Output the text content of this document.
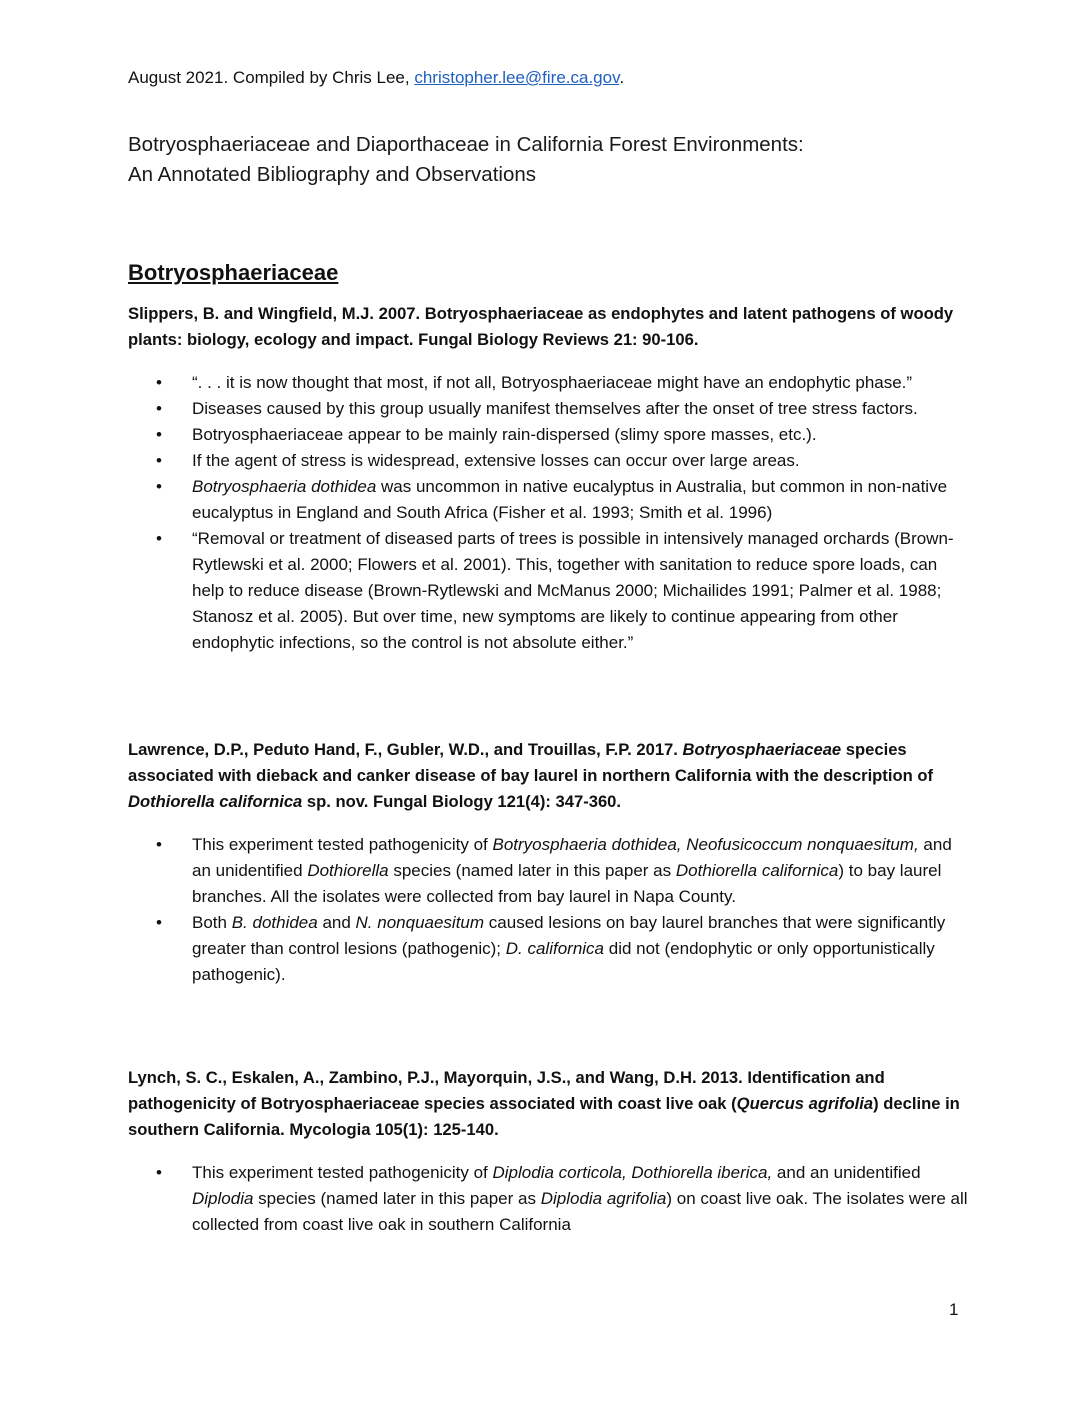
August 2021. Compiled by Chris Lee, christopher.lee@fire.ca.gov.
Botryosphaeriaceae and Diaporthaceae in California Forest Environments:
An Annotated Bibliography and Observations
Botryosphaeriaceae

Slippers, B. and Wingfield, M.J. 2007. Botryosphaeriaceae as endophytes and latent pathogens of woody plants: biology, ecology and impact. Fungal Biology Reviews 21: 90-106.

• “. . . it is now thought that most, if not all, Botryosphaeriaceae might have an endophytic phase.”
• Diseases caused by this group usually manifest themselves after the onset of tree stress factors.
• Botryosphaeriaceae appear to be mainly rain-dispersed (slimy spore masses, etc.).
• If the agent of stress is widespread, extensive losses can occur over large areas.
• Botryosphaeria dothidea was uncommon in native eucalyptus in Australia, but common in non-native eucalyptus in England and South Africa (Fisher et al. 1993; Smith et al. 1996)
• “Removal or treatment of diseased parts of trees is possible in intensively managed orchards (Brown-Rytlewski et al. 2000; Flowers et al. 2001). This, together with sanitation to reduce spore loads, can help to reduce disease (Brown-Rytlewski and McManus 2000; Michailides 1991; Palmer et al. 1988; Stanosz et al. 2005). But over time, new symptoms are likely to continue appearing from other endophytic infections, so the control is not absolute either.”

Lawrence, D.P., Peduto Hand, F., Gubler, W.D., and Trouillas, F.P. 2017. Botryosphaeriaceae species associated with dieback and canker disease of bay laurel in northern California with the description of Dothiorella californica sp. nov. Fungal Biology 121(4): 347-360.

• This experiment tested pathogenicity of Botryosphaeria dothidea, Neofusicoccum nonquaesitum, and an unidentified Dothiorella species (named later in this paper as Dothiorella californica) to bay laurel branches. All the isolates were collected from bay laurel in Napa County.
• Both B. dothidea and N. nonquaesitum caused lesions on bay laurel branches that were significantly greater than control lesions (pathogenic); D. californica did not (endophytic or only opportunistically pathogenic).

Lynch, S. C., Eskalen, A., Zambino, P.J., Mayorquin, J.S., and Wang, D.H. 2013. Identification and pathogenicity of Botryosphaeriaceae species associated with coast live oak (Quercus agrifolia) decline in southern California. Mycologia 105(1): 125-140.

• This experiment tested pathogenicity of Diplodia corticola, Dothiorella iberica, and an unidentified Diplodia species (named later in this paper as Diplodia agrifolia) on coast live oak. The isolates were all collected from coast live oak in southern California
1
